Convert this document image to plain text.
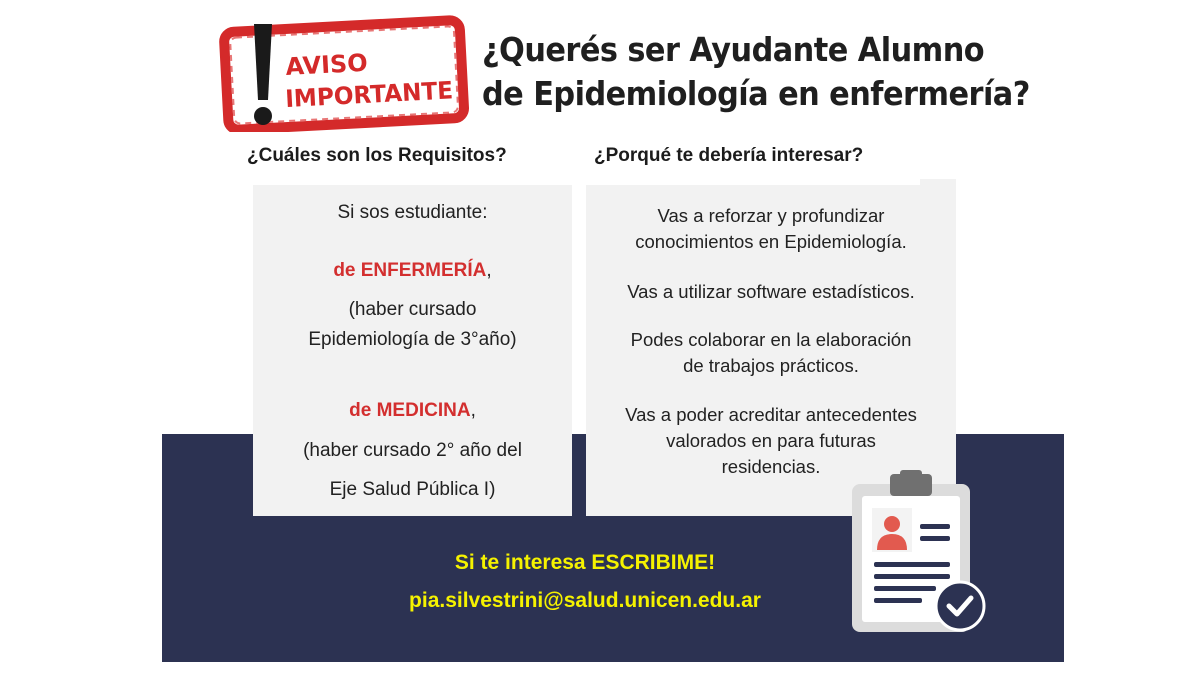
AVISO
IMPORTANTE
¿Querés ser Ayudante Alumno
de Epidemiología en enfermería?
¿Cuáles son los Requisitos?	¿Porqué te debería interesar?
Si sos estudiante:
de ENFERMERÍA,
(haber cursado
Epidemiología de 3°año)
de MEDICINA,
(haber cursado 2° año del
Eje Salud Pública I)
Vas a reforzar y profundizar
conocimientos en Epidemiología.
Vas a utilizar software estadísticos.
Podes colaborar en la elaboración
de trabajos prácticos.
Vas a poder acreditar antecedentes
valorados en para futuras
residencias.
Si te interesa ESCRIBIME!
pia.silvestrini@salud.unicen.edu.ar
